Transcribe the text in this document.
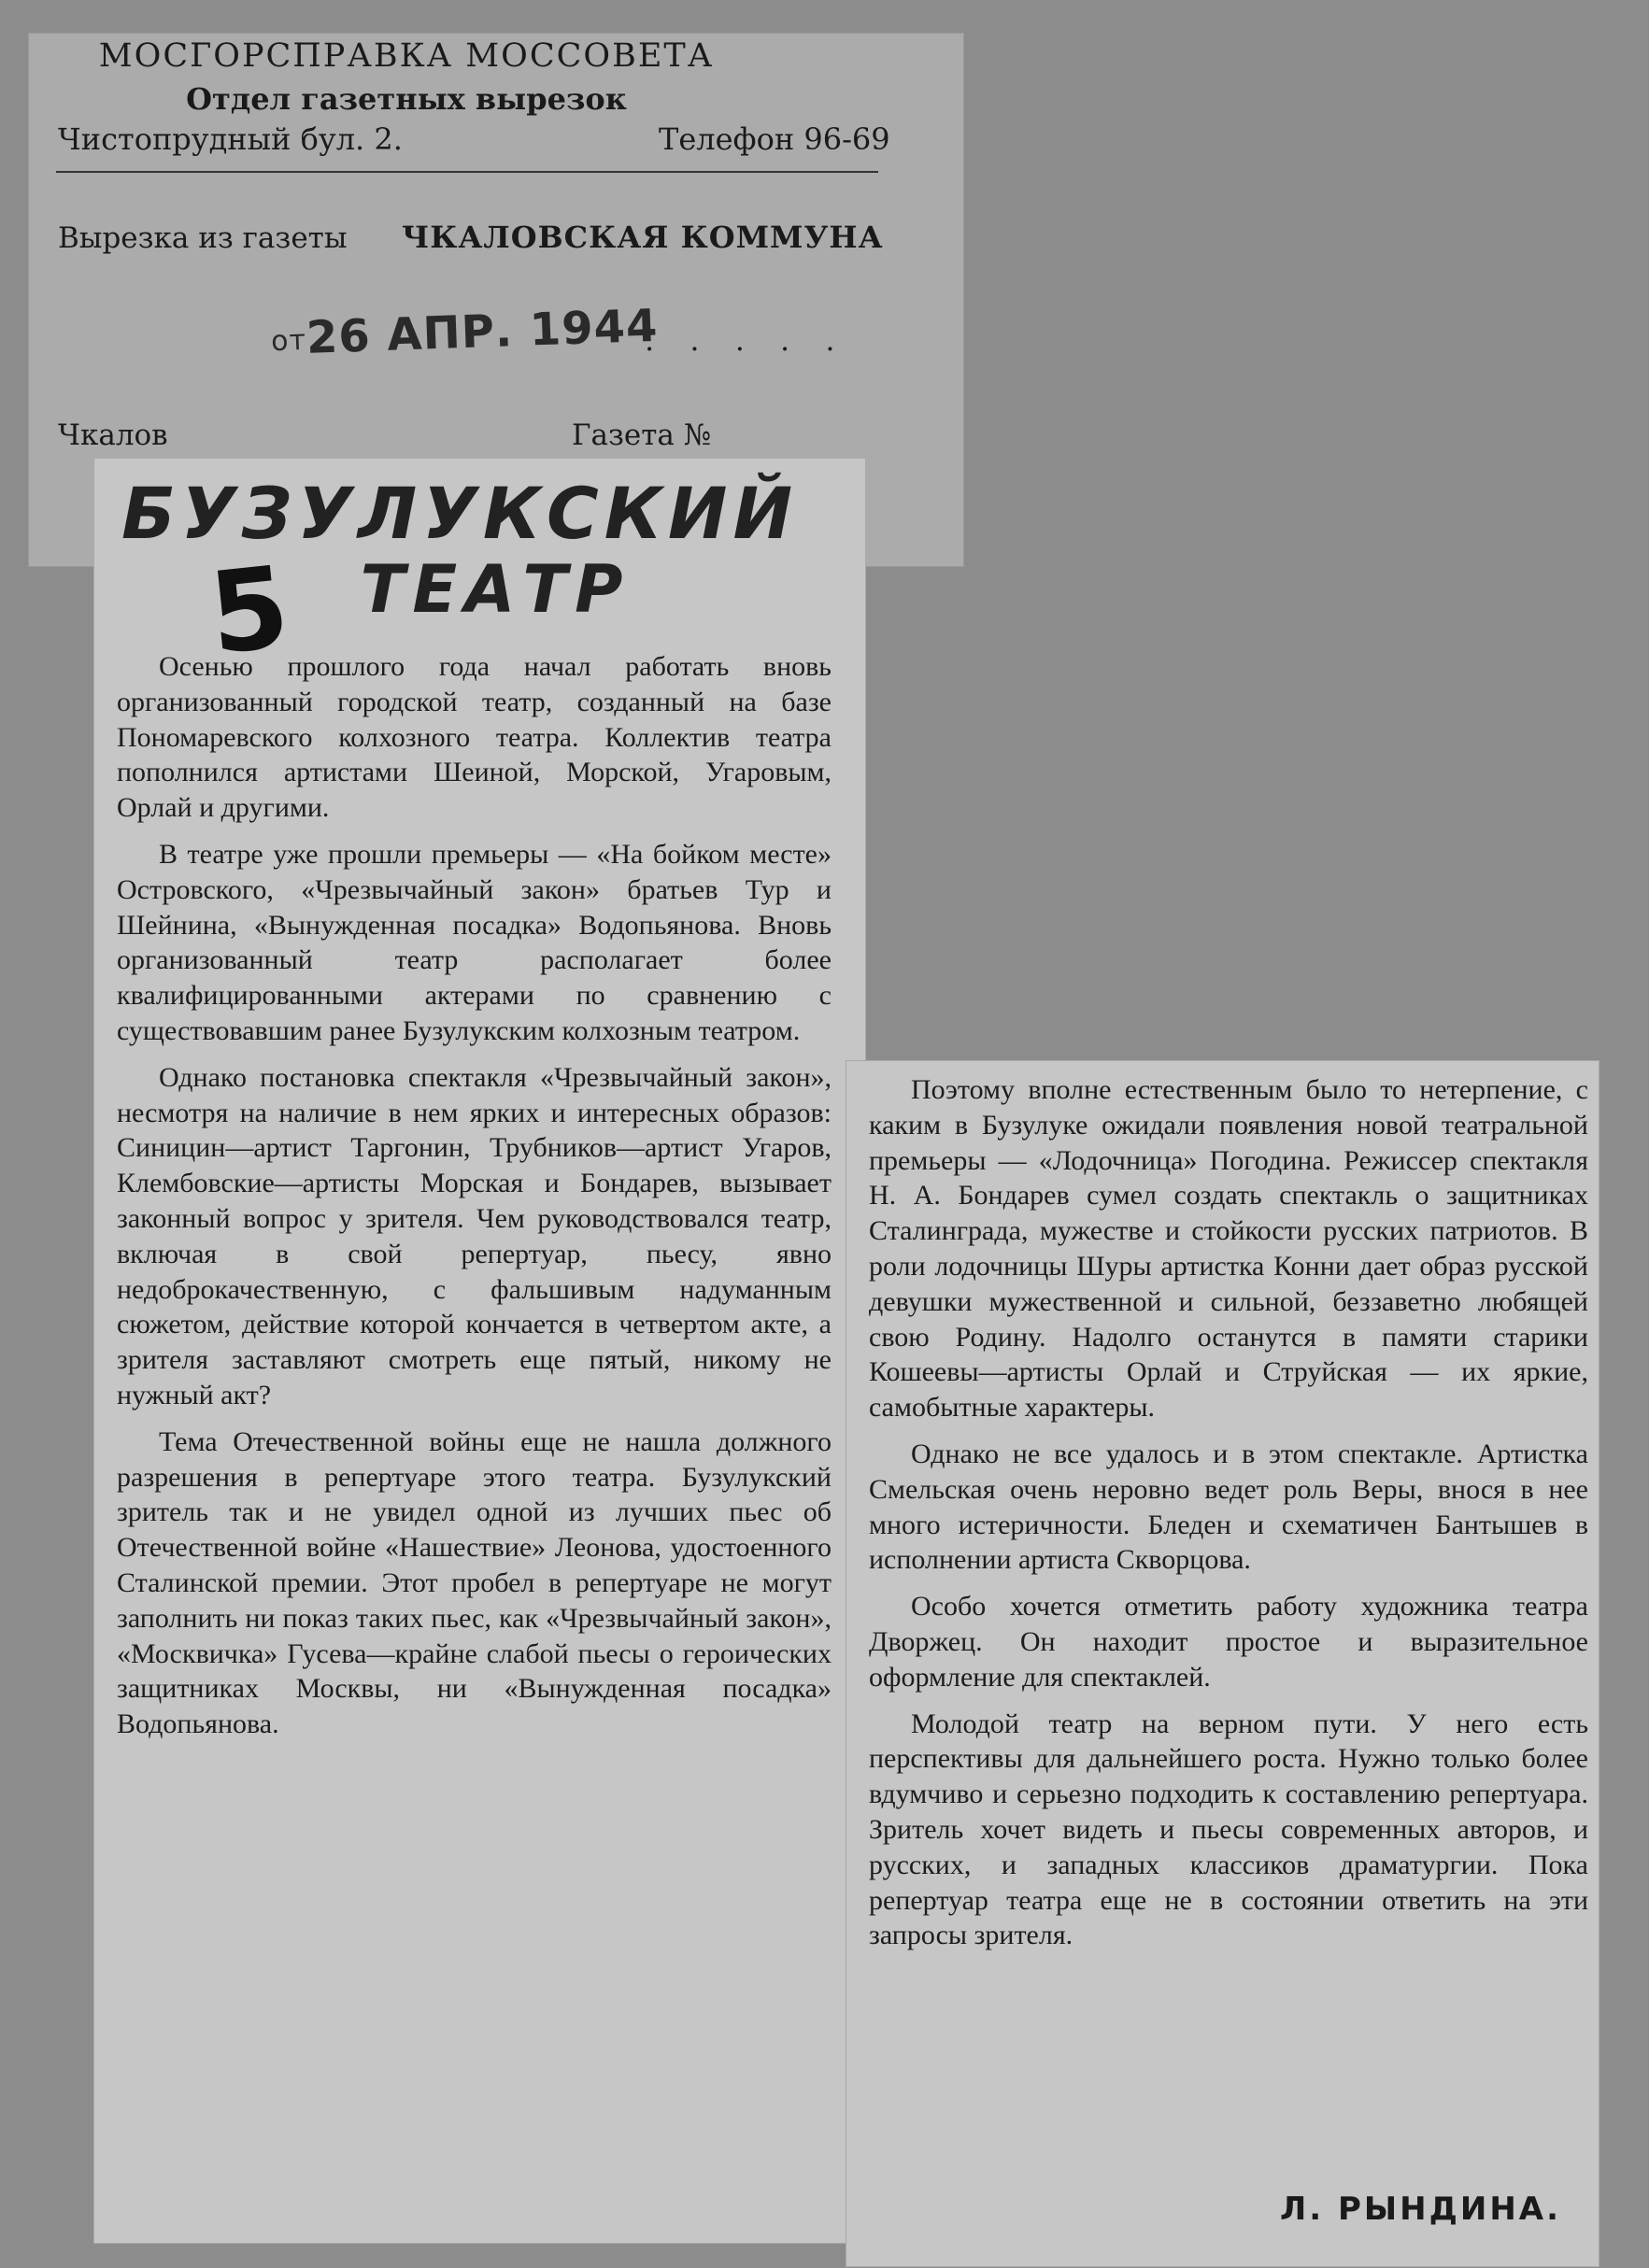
МОСГОРСПРАВКА МОССОВЕТА
Отдел газетных вырезок
Чистопрудный бул. 2.	Телефон 96-69
Вырезка из газеты ЧКАЛОВСКАЯ КОММУНА
от26 АПР. 1944
. . . . .
Чкалов	Газета №
БУЗУЛУКСКИЙ
ТЕАТР
5

Осенью прошлого года начал работать вновь организованный городской театр, созданный на базе Пономаревского колхозного театра. Коллектив театра пополнился артистами Шеиной, Морской, Угаровым, Орлай и другими.

В театре уже прошли премьеры — «На бойком месте» Островского, «Чрезвычайный закон» братьев Тур и Шейнина, «Вынужденная посадка» Водопьянова. Вновь организованный театр располагает более квалифицированными актерами по сравнению с существовавшим ранее Бузулукским колхозным театром.

Однако постановка спектакля «Чрезвычайный закон», несмотря на наличие в нем ярких и интересных образов: Синицин—артист Таргонин, Трубников—артист Угаров, Клембовские—артисты Морская и Бондарев, вызывает законный вопрос у зрителя. Чем руководствовался театр, включая в свой репертуар, пьесу, явно недоброкачественную, с фальшивым надуманным сюжетом, действие которой кончается в четвертом акте, а зрителя заставляют смотреть еще пятый, никому не нужный акт?

Тема Отечественной войны еще не нашла должного разрешения в репертуаре этого театра. Бузулукский зритель так и не увидел одной из лучших пьес об Отечественной войне «Нашествие» Леонова, удостоенного Сталинской премии. Этот пробел в репертуаре не могут заполнить ни показ таких пьес, как «Чрезвычайный закон», «Москвичка» Гусева—крайне слабой пьесы о героических защитниках Москвы, ни «Вынужденная посадка» Водопьянова.

Поэтому вполне естественным было то нетерпение, с каким в Бузулуке ожидали появления новой театральной премьеры — «Лодочница» Погодина. Режиссер спектакля Н. А. Бондарев сумел создать спектакль о защитниках Сталинграда, мужестве и стойкости русских патриотов. В роли лодочницы Шуры артистка Конни дает образ русской девушки мужественной и сильной, беззаветно любящей свою Родину. Надолго останутся в памяти старики Кошеевы—артисты Орлай и Струйская — их яркие, самобытные характеры.

Однако не все удалось и в этом спектакле. Артистка Смельская очень неровно ведет роль Веры, внося в нее много истеричности. Бледен и схематичен Бантышев в исполнении артиста Скворцова.

Особо хочется отметить работу художника театра Дворжец. Он находит простое и выразительное оформление для спектаклей.

Молодой театр на верном пути. У него есть перспективы для дальнейшего роста. Нужно только более вдумчиво и серьезно подходить к составлению репертуара. Зритель хочет видеть и пьесы современных авторов, и русских, и западных классиков драматургии. Пока репертуар театра еще не в состоянии ответить на эти запросы зрителя.

Л. РЫНДИНА.
